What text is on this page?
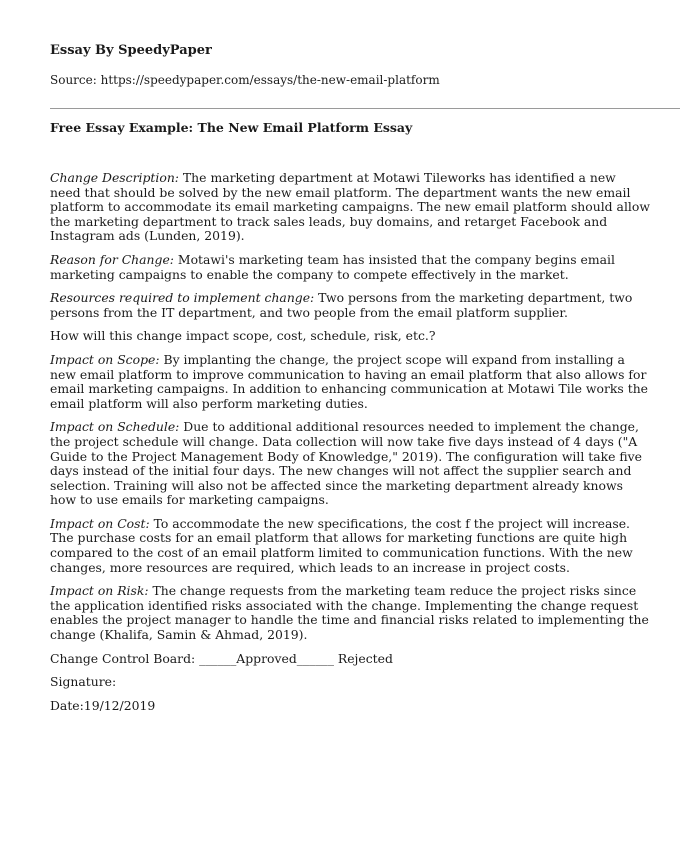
Essay By SpeedyPaper

Source: https://speedypaper.com/essays/the-new-email-platform

Free Essay Example: The New Email Platform Essay

Change Description: The marketing department at Motawi Tileworks has identified a new need that should be solved by the new email platform. The department wants the new email platform to accommodate its email marketing campaigns. The new email platform should allow the marketing department to track sales leads, buy domains, and retarget Facebook and Instagram ads (Lunden, 2019).

Reason for Change: Motawi's marketing team has insisted that the company begins email marketing campaigns to enable the company to compete effectively in the market.

Resources required to implement change: Two persons from the marketing department, two persons from the IT department, and two people from the email platform supplier.

How will this change impact scope, cost, schedule, risk, etc.?

Impact on Scope: By implanting the change, the project scope will expand from installing a new email platform to improve communication to having an email platform that also allows for email marketing campaigns. In addition to enhancing communication at Motawi Tile works the email platform will also perform marketing duties.

Impact on Schedule: Due to additional additional resources needed to implement the change, the project schedule will change. Data collection will now take five days instead of 4 days ("A Guide to the Project Management Body of Knowledge," 2019). The configuration will take five days instead of the initial four days. The new changes will not affect the supplier search and selection. Training will also not be affected since the marketing department already knows how to use emails for marketing campaigns.

Impact on Cost: To accommodate the new specifications, the cost f the project will increase. The purchase costs for an email platform that allows for marketing functions are quite high compared to the cost of an email platform limited to communication functions. With the new changes, more resources are required, which leads to an increase in project costs.

Impact on Risk: The change requests from the marketing team reduce the project risks since the application identified risks associated with the change. Implementing the change request enables the project manager to handle the time and financial risks related to implementing the change (Khalifa, Samin & Ahmad, 2019).

Change Control Board: ______Approved______ Rejected

Signature:

Date:19/12/2019
